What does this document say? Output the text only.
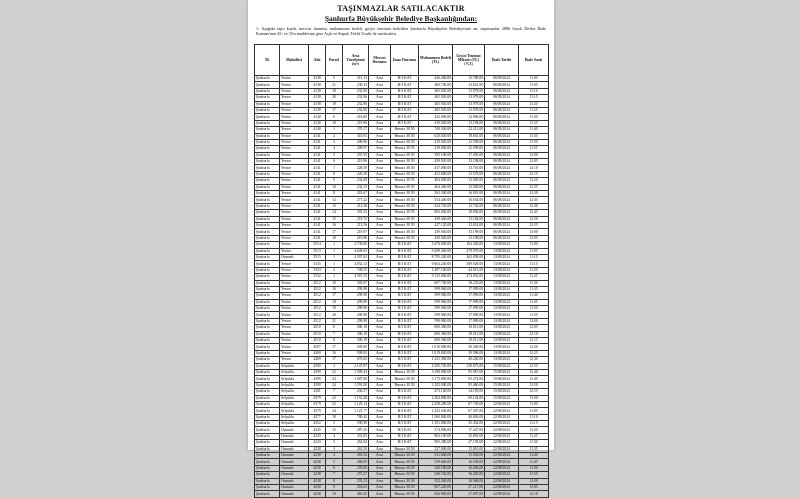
TAŞINMAZLAR SATILACAKTIR
Şanlıurfa Büyükşehir Belediye Başkanlığından:
1- Aşağıda tapu kaydı, mevcut durumu, muhammen bedeli, geçici teminatı belirtilen Şanlıurfa Büyükşehir Belediyesine ait, taşınmazlar 2886 Sayılı Devlet İhale Kanunu'nun 45. ve 35/a maddesine göre Açık ve Kapalı Teklif Usulü ile satılacaktır.
İli	Mahallesi	Ada	Parsel	Arsa Yüzölçümü (m²)	Mevcut Durumu	İmar Durumu	Muhammen Bedeli (TL)	Geçici Teminat Miktarı (TL) (%3)	İhale Tarihi	İhale Saati
Şanlıurfa	Yenice	4138	5	213,13	Arsa	B/3 KAT	426.260,00	12.788,00	06/08/2024	11:00
Şanlıurfa	Yenice	4138	21	230,33	Arsa	B/3 KAT	460.700,00	13.821,00	06/08/2024	11:05
Şanlıurfa	Yenice	4138	18	232,96	Arsa	B/3 KAT	465.920,00	13.978,00	06/08/2024	11:10
Şanlıurfa	Yenice	4138	20	232,96	Arsa	B/3 KAT	465.920,00	13.978,00	06/08/2024	11:15
Şanlıurfa	Yenice	4138	19	232,96	Arsa	B/3 KAT	465.920,00	13.978,00	06/08/2024	11:20
Şanlıurfa	Yenice	4138	17	232,96	Arsa	B/3 KAT	465.920,00	13.978,00	06/08/2024	11:25
Şanlıurfa	Yenice	4140	6	216,00	Arsa	B/3 KAT	432.000,00	12.960,00	06/08/2024	11:30
Şanlıurfa	Yenice	4140	10	219,96	Arsa	B/3 KAT	439.920,00	13.198,00	06/08/2024	11:35
Şanlıurfa	Yenice	4140	1	370,17	Arsa	Hmaxx 30.50	740.340,00	22.211,00	06/08/2024	11:40
Şanlıurfa	Yenice	4141	2	310,01	Arsa	Hmaxx 30.50	620.020,00	18.601,00	06/08/2024	11:45
Şanlıurfa	Yenice	4141	3	209,96	Arsa	Hmaxx 30.50	419.920,00	12.598,00	06/08/2024	11:50
Şanlıurfa	Yenice	4141	4	209,97	Arsa	Hmaxx 30.50	419.940,00	12.599,00	06/08/2024	11:55
Şanlıurfa	Yenice	4141	5	291,55	Arsa	Hmaxx 30.50	583.100,00	17.493,00	06/08/2024	12:00
Şanlıurfa	Yenice	4141	6	219,96	Arsa	Hmaxx 30.50	439.920,00	13.198,00	06/08/2024	12:05
Şanlıurfa	Yenice	4141	7	228,50	Arsa	Hmaxx 30.50	457.000,00	13.710,00	06/08/2024	12:10
Şanlıurfa	Yenice	4141	8	226,30	Arsa	Hmaxx 30.50	452.600,00	13.578,00	06/08/2024	12:15
Şanlıurfa	Yenice	4141	9	232,00	Arsa	Hmaxx 30.50	464.000,00	13.920,00	06/08/2024	12:20
Şanlıurfa	Yenice	4141	10	232,13	Arsa	Hmaxx 30.50	464.260,00	13.928,00	06/08/2024	12:25
Şanlıurfa	Yenice	4141	11	281,67	Arsa	Hmaxx 30.50	563.340,00	16.901,00	06/08/2024	12:30
Şanlıurfa	Yenice	4141	12	277,22	Arsa	Hmaxx 30.50	554.440,00	16.634,00	06/08/2024	12:35
Şanlıurfa	Yenice	4141	13	212,36	Arsa	Hmaxx 30.50	424.720,00	12.742,00	06/08/2024	12:40
Şanlıurfa	Yenice	4141	14	301,52	Arsa	Hmaxx 30.50	603.040,00	18.092,00	06/08/2024	12:45
Şanlıurfa	Yenice	4141	15	219,72	Arsa	Hmaxx 30.50	439.440,00	13.184,00	06/08/2024	12:50
Şanlıurfa	Yenice	4141	16	213,56	Arsa	Hmaxx 30.50	427.120,00	12.814,00	06/08/2024	12:55
Şanlıurfa	Yenice	4141	17	219,97	Arsa	Hmaxx 30.50	439.940,00	13.199,00	06/08/2024	13:00
Şanlıurfa	Yenice	4141	18	219,96	Arsa	Hmaxx 30.50	439.920,00	13.198,00	06/08/2024	13:05
Şanlıurfa	Yenice	5514	1	2.739,00	Arsa	B/3 KAT	5.478.000,00	164.340,00	13/08/2024	11:00
Şanlıurfa	Yenice	5513	1	4.649,63	Arsa	B/3 KAT	9.299.260,00	278.978,00	13/08/2024	11:05
Şanlıurfa	Osmanlı	5515	1	4.397,62	Arsa	B/3 KAT	8.795.240,00	263.858,00	13/08/2024	11:10
Şanlıurfa	Yenice	5335	1	4.832,12	Arsa	B/3 KAT	9.664.240,00	289.928,00	13/08/2024	11:15
Şanlıurfa	Yenice	5333	2	748,55	Arsa	B/3 KAT	1.497.100,00	44.913,00	13/08/2024	11:20
Şanlıurfa	Yenice	5332	1	4.567,53	Arsa	B/3 KAT	9.135.060,00	274.052,00	13/08/2024	11:25
Şanlıurfa	Yenice	4512	10	303,87	Arsa	B/3 KAT	607.740,00	18.233,00	13/08/2024	11:30
Şanlıurfa	Yenice	4512	16	299,98	Arsa	B/3 KAT	599.960,00	17.999,00	13/08/2024	11:35
Şanlıurfa	Yenice	4512	17	299,98	Arsa	B/3 KAT	599.960,00	17.999,00	13/08/2024	11:40
Şanlıurfa	Yenice	4512	18	299,98	Arsa	B/3 KAT	599.960,00	17.999,00	13/08/2024	11:45
Şanlıurfa	Yenice	4512	19	299,98	Arsa	B/3 KAT	599.960,00	17.999,00	13/08/2024	11:50
Şanlıurfa	Yenice	4512	20	299,98	Arsa	B/3 KAT	599.960,00	17.999,00	13/08/2024	11:55
Şanlıurfa	Yenice	4512	21	299,98	Arsa	B/3 KAT	599.960,00	17.999,00	13/08/2024	12:00
Şanlıurfa	Yenice	4510	6	300,18	Arsa	B/3 KAT	600.360,00	18.011,00	13/08/2024	12:05
Şanlıurfa	Yenice	4510	7	300,18	Arsa	B/3 KAT	600.360,00	18.011,00	13/08/2024	12:10
Şanlıurfa	Yenice	4510	8	300,18	Arsa	B/3 KAT	600.360,00	18.011,00	13/08/2024	12:15
Şanlıurfa	Yenice	4507	17	505,00	Arsa	B/3 KAT	1.010.000,00	30.300,00	13/08/2024	12:20
Şanlıurfa	Yenice	4469	16	509,92	Arsa	B/3 KAT	1.019.840,00	30.596,00	13/08/2024	12:25
Şanlıurfa	Yenice	4469	17	670,65	Arsa	B/3 KAT	1.341.300,00	40.240,00	13/08/2024	12:30
Şanlıurfa	Selçuklu	4390	1	2.147,87	Arsa	B/3 KAT	4.295.740,00	128.873,00	15/08/2024	12:35
Şanlıurfa	Selçuklu	4390	22	1.599,44	Arsa	Hmaxx 30.50	3.198.880,00	95.967,00	15/08/2024	12:40
Şanlıurfa	Selçuklu	4390	23	1.587,90	Arsa	Hmaxx 30.50	3.175.800,00	95.274,00	15/08/2024	12:45
Şanlıurfa	Selçuklu	4390	24	1.591,00	Arsa	Hmaxx 30.50	3.182.000,00	95.460,00	15/08/2024	12:50
Şanlıurfa	Selçuklu	4381	7	236,57	Arsa	B/3 KAT	473.140,00	14.195,00	15/08/2024	12:55
Şanlıurfa	Selçuklu	4379	22	1.152,40	Arsa	B/3 KAT	2.304.800,00	69.144,00	15/08/2024	13:00
Şanlıurfa	Selçuklu	4379	23	1.129,14	Arsa	B/3 KAT	2.258.280,00	67.749,00	22/08/2024	11:00
Şanlıurfa	Selçuklu	4379	24	1.121,77	Arsa	B/3 KAT	2.243.540,00	67.307,00	22/08/2024	11:05
Şanlıurfa	Selçuklu	4377	10	780,42	Arsa	B/3 KAT	1.560.840,00	46.826,00	22/08/2024	11:10
Şanlıurfa	Selçuklu	4352	3	590,90	Arsa	B/3 KAT	1.181.800,00	35.454,00	22/08/2024	11:15
Şanlıurfa	Osmanlı	4245	15	287,45	Arsa	B/3 KAT	574.900,00	17.247,00	22/08/2024	11:20
Şanlıurfa	Osmanlı	4243	4	431,05	Arsa	B/3 KAT	862.100,00	25.863,00	22/08/2024	11:25
Şanlıurfa	Osmanlı	4243	3	452,64	Arsa	B/3 KAT	905.280,00	27.159,00	22/08/2024	11:30
Şanlıurfa	Osmanlı	4238	3	263,50	Arsa	Hmaxx 30.50	527.000,00	15.810,00	22/08/2024	11:35
Şanlıurfa	Osmanlı	4238	4	265,52	Arsa	Hmaxx 30.50	531.040,00	15.932,00	22/08/2024	11:40
Şanlıurfa	Osmanlı	4238	5	269,83	Arsa	Hmaxx 30.50	539.660,00	16.190,00	22/08/2024	11:45
Şanlıurfa	Osmanlı	4238	6	270,09	Arsa	Hmaxx 30.50	540.180,00	16.206,00	22/08/2024	11:50
Şanlıurfa	Osmanlı	4238	7	273,37	Arsa	Hmaxx 30.50	546.740,00	16.403,00	22/08/2024	11:55
Şanlıurfa	Osmanlı	4238	8	276,13	Arsa	Hmaxx 30.50	552.260,00	16.568,00	22/08/2024	12:00
Şanlıurfa	Osmanlı	4238	9	453,61	Arsa	Hmaxx 30.50	907.220,00	27.217,00	22/08/2024	12:05
Şanlıurfa	Osmanlı	4238	10	463,45	Arsa	Hmaxx 30.50	926.900,00	27.807,00	22/08/2024	12:10
